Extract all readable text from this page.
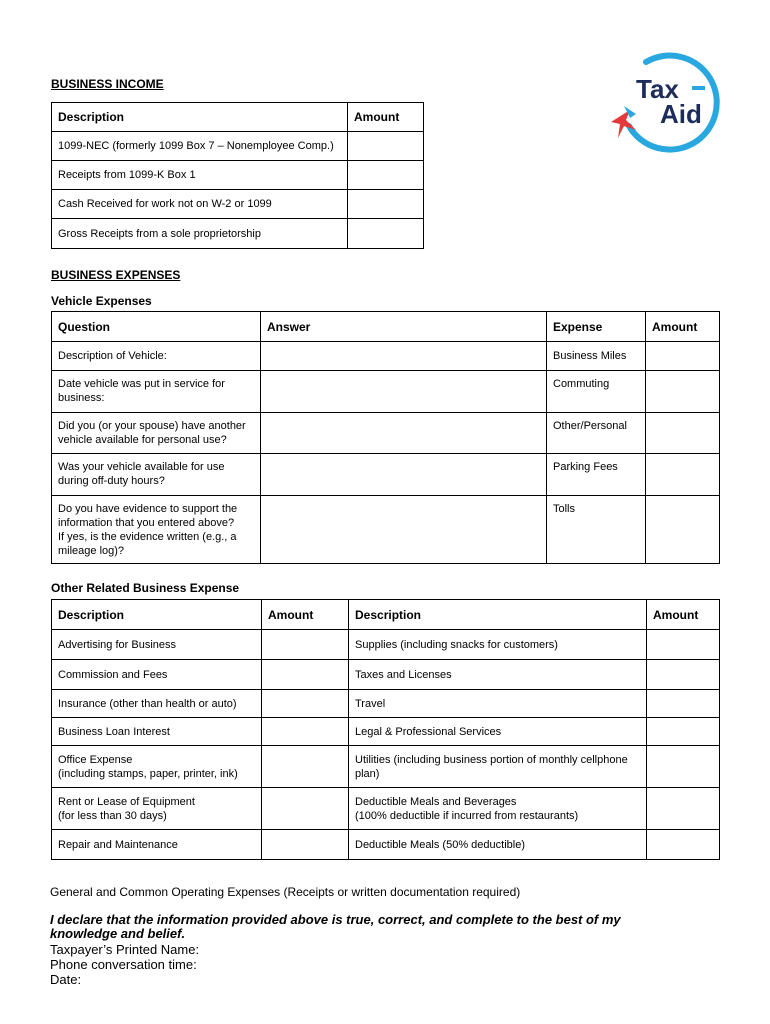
Tax
Aid
BUSINESS INCOME
Description	Amount
1099-NEC (formerly 1099 Box 7 – Nonemployee Comp.)	
Receipts from 1099-K Box 1	
Cash Received for work not on W-2 or 1099	
Gross Receipts from a sole proprietorship	
BUSINESS EXPENSES
Vehicle Expenses
Question	Answer	Expense	Amount
Description of Vehicle:		Business Miles	
Date vehicle was put in service for
business:		Commuting	
Did you (or your spouse) have another
vehicle available for personal use?		Other/Personal	
Was your vehicle available for use
during off-duty hours?		Parking Fees	
Do you have evidence to support the
information that you entered above?
If yes, is the evidence written (e.g., a
mileage log)?		Tolls	
Other Related Business Expense
Description	Amount	Description	Amount
Advertising for Business		Supplies (including snacks for customers)	
Commission and Fees		Taxes and Licenses	
Insurance (other than health or auto)		Travel	
Business Loan Interest		Legal & Professional Services	
Office Expense
(including stamps, paper, printer, ink)		Utilities (including business portion of monthly cellphone
plan)	
Rent or Lease of Equipment
(for less than 30 days)		Deductible Meals and Beverages
(100% deductible if incurred from restaurants)	
Repair and Maintenance		Deductible Meals (50% deductible)	
General and Common Operating Expenses (Receipts or written documentation required)
I declare that the information provided above is true, correct, and complete to the best of my knowledge and belief.
Taxpayer’s Printed Name:
Phone conversation time:
Date:
